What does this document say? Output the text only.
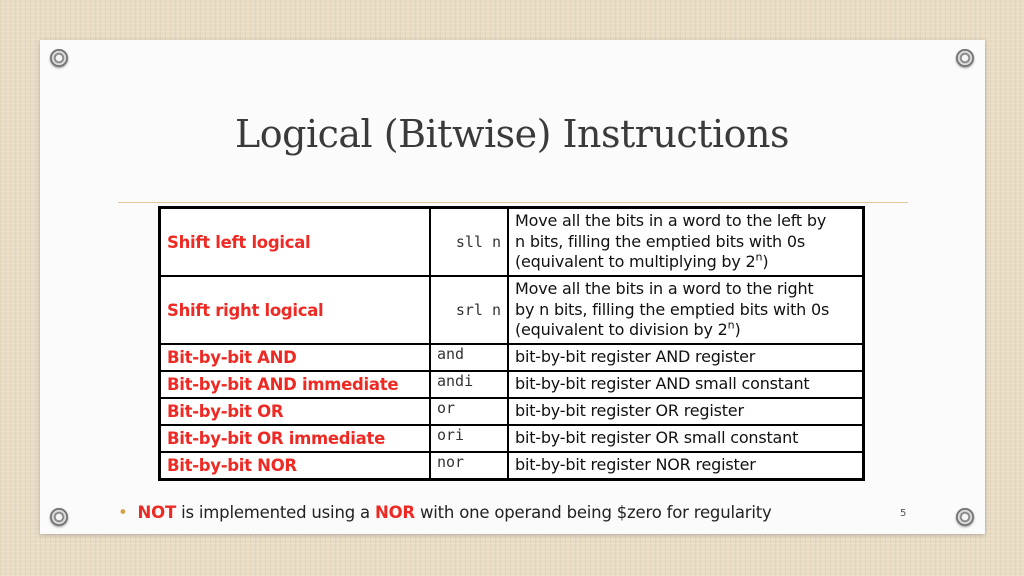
Logical (Bitwise) Instructions
Shift left logical	sll n	Move all the bits in a word to the left by
n bits, filling the emptied bits with 0s
(equivalent to multiplying by 2$^n$)
Shift right logical	srl n	Move all the bits in a word to the right
by n bits, filling the emptied bits with 0s
(equivalent to division by 2$^n$)
Bit-by-bit AND	and	bit-by-bit register AND register
Bit-by-bit AND immediate	andi	bit-by-bit register AND small constant
Bit-by-bit OR	or	bit-by-bit register OR register
Bit-by-bit OR immediate	ori	bit-by-bit register OR small constant
Bit-by-bit NOR	nor	bit-by-bit register NOR register
• NOT is implemented using a NOR with one operand being $zero for regularity	5
